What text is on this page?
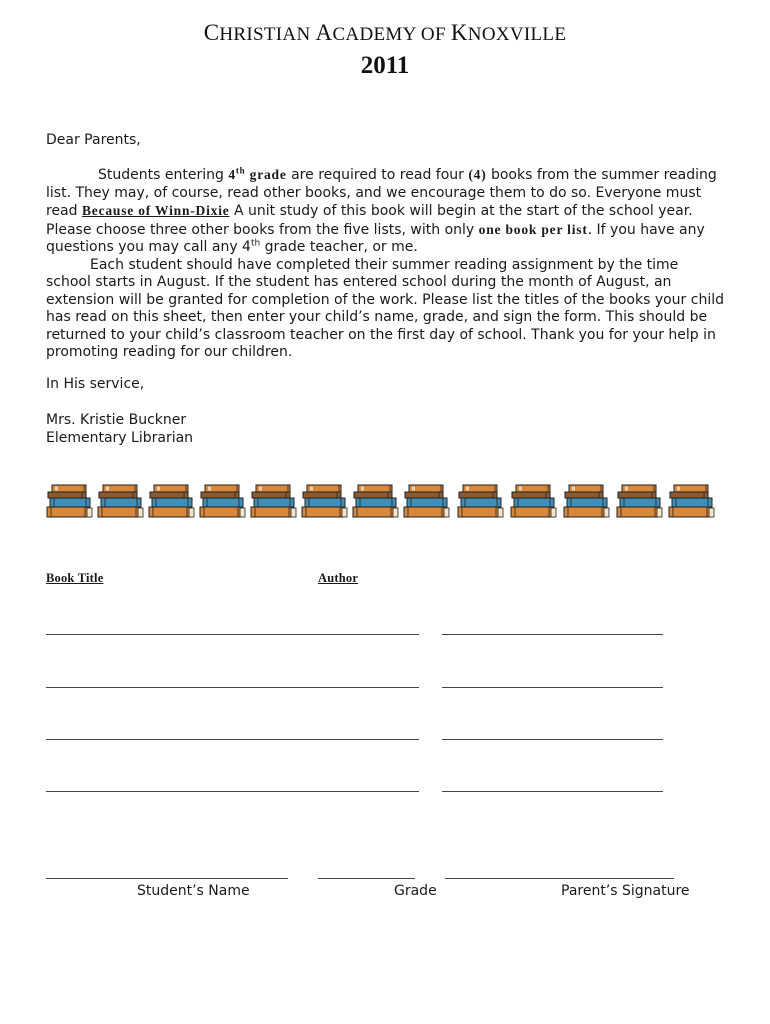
CHRISTIAN ACADEMY OF KNOXVILLE
2011
Dear Parents,

Students entering 4th grade are required to read four (4) books from the summer reading list. They may, of course, read other books, and we encourage them to do so. Everyone must read Because of Winn-Dixie A unit study of this book will begin at the start of the school year. Please choose three other books from the five lists, with only one book per list. If you have any questions you may call any 4th grade teacher, or me.

Each student should have completed their summer reading assignment by the time school starts in August. If the student has entered school during the month of August, an extension will be granted for completion of the work. Please list the titles of the books your child has read on this sheet, then enter your child’s name, grade, and sign the form. This should be returned to your child’s classroom teacher on the first day of school. Thank you for your help in promoting reading for our children.

In His service,
Mrs. Kristie Buckner
Elementary Librarian
Book Title	Author
Student’s Name	Grade	Parent’s Signature
